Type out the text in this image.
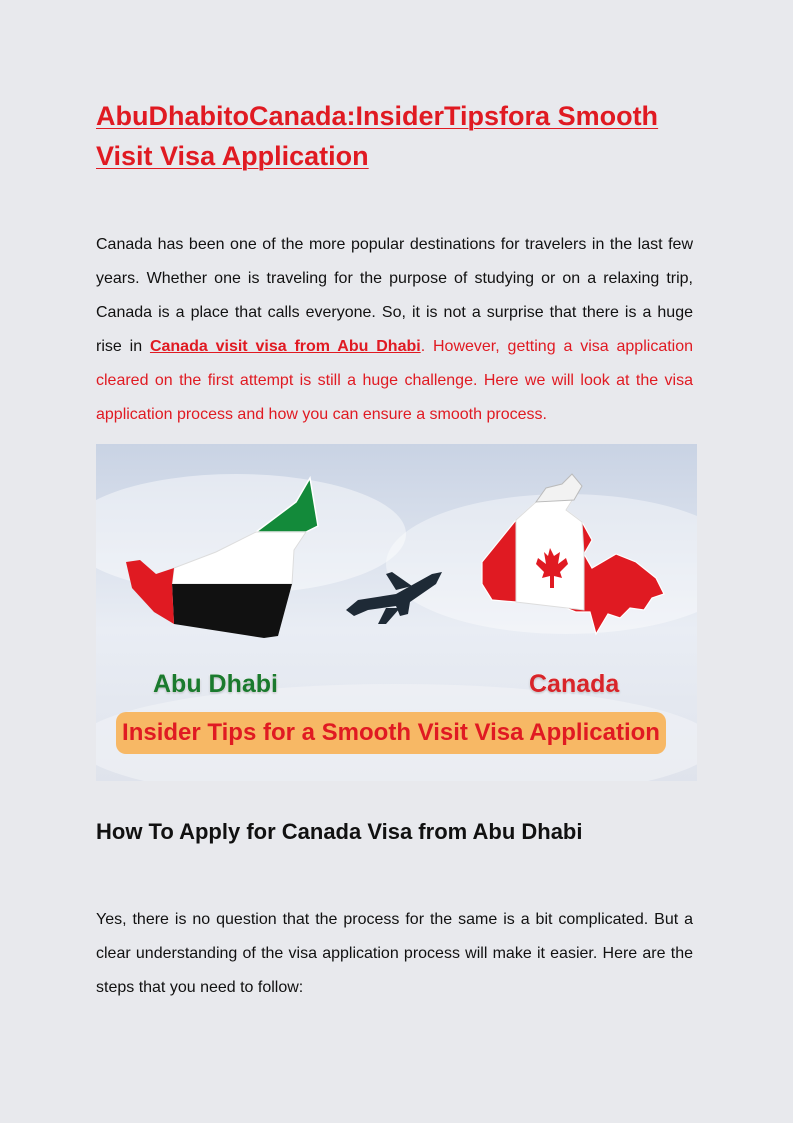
AbuDhabitoCanada:InsiderTipsfora Smooth
Visit Visa Application

Canada has been one of the more popular destinations for travelers in the last few years. Whether one is traveling for the purpose of studying or on a relaxing trip, Canada is a place that calls everyone. So, it is not a surprise that there is a huge rise in Canada visit visa from Abu Dhabi. However, getting a visa application cleared on the first attempt is still a huge challenge. Here we will look at the visa application process and how you can ensure a smooth process.

Abu Dhabi	Canada
Insider Tips for a Smooth Visit Visa Application
How To Apply for Canada Visa from Abu Dhabi

Yes, there is no question that the process for the same is a bit complicated. But a clear understanding of the visa application process will make it easier. Here are the steps that you need to follow:
